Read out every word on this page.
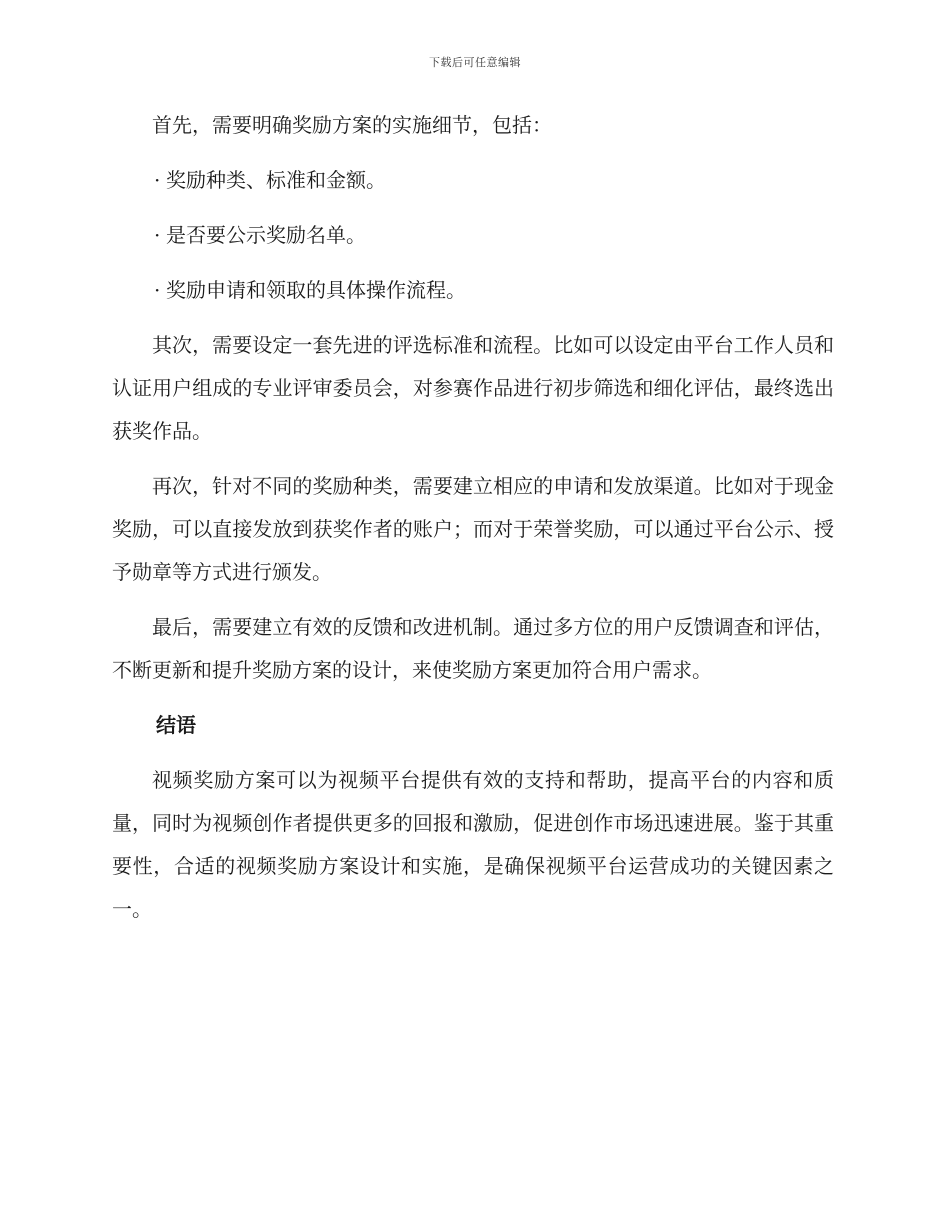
下载后可任意编辑

首先，需要明确奖励方案的实施细节，包括：

· 奖励种类、标准和金额。

· 是否要公示奖励名单。

· 奖励申请和领取的具体操作流程。

其次，需要设定一套先进的评选标准和流程。比如可以设定由平台工作人员和认证用户组成的专业评审委员会，对参赛作品进行初步筛选和细化评估，最终选出获奖作品。

再次，针对不同的奖励种类，需要建立相应的申请和发放渠道。比如对于现金奖励，可以直接发放到获奖作者的账户；而对于荣誉奖励，可以通过平台公示、授予勋章等方式进行颁发。

最后，需要建立有效的反馈和改进机制。通过多方位的用户反馈调查和评估，不断更新和提升奖励方案的设计，来使奖励方案更加符合用户需求。

结语

视频奖励方案可以为视频平台提供有效的支持和帮助，提高平台的内容和质量，同时为视频创作者提供更多的回报和激励，促进创作市场迅速进展。鉴于其重要性，合适的视频奖励方案设计和实施，是确保视频平台运营成功的关键因素之一。
